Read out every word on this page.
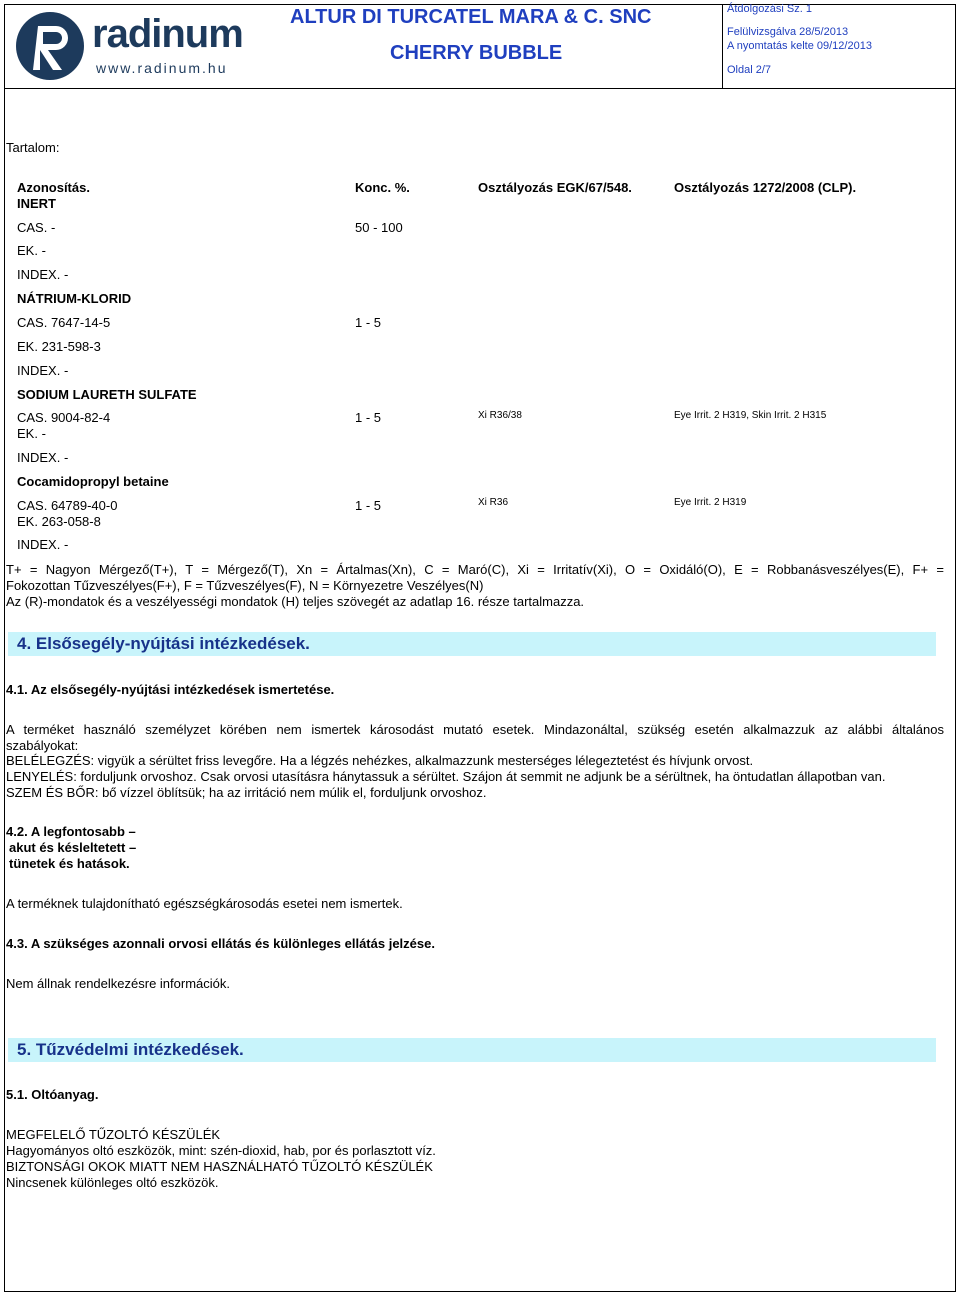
radinum
www.radinum.hu
ALTUR DI TURCATEL MARA & C. SNC
CHERRY BUBBLE
Átdolgozási Sz. 1
Felülvizsgálva 28/5/2013
A nyomtatás kelte 09/12/2013
Oldal 2/7
Tartalom:
Azonosítás.	Konc. %.	Osztályozás EGK/67/548.	Osztályozás 1272/2008 (CLP).
INERT
CAS. -	50 - 100
EK. -
INDEX. -
NÁTRIUM-KLORID
CAS. 7647-14-5	1 - 5
EK. 231-598-3
INDEX. -
SODIUM LAURETH SULFATE
CAS. 9004-82-4	1 - 5	Xi R36/38	Eye Irrit. 2 H319, Skin Irrit. 2 H315
EK. -
INDEX. -
Cocamidopropyl betaine
CAS. 64789-40-0	1 - 5	Xi R36	Eye Irrit. 2 H319
EK. 263-058-8
INDEX. -
T+ = Nagyon Mérgező(T+), T = Mérgező(T), Xn = Ártalmas(Xn), C = Maró(C), Xi = Irritatív(Xi), O = Oxidáló(O), E = Robbanásveszélyes(E), F+ =
Fokozottan Tűzveszélyes(F+), F = Tűzveszélyes(F), N = Környezetre Veszélyes(N)
Az (R)-mondatok és a veszélyességi mondatok (H) teljes szövegét az adatlap 16. része tartalmazza.
4. Elsősegély-nyújtási intézkedések.
4.1. Az elsősegély-nyújtási intézkedések ismertetése.
A terméket használó személyzet körében nem ismertek károsodást mutató esetek. Mindazonáltal, szükség esetén alkalmazzuk az alábbi általános
szabályokat:
BELÉLEGZÉS: vigyük a sérültet friss levegőre. Ha a légzés nehézkes, alkalmazzunk mesterséges lélegeztetést és hívjunk orvost.
LENYELÉS: forduljunk orvoshoz. Csak orvosi utasításra hánytassuk a sérültet. Szájon át semmit ne adjunk be a sérültnek, ha öntudatlan állapotban van.
SZEM ÉS BŐR: bő vízzel öblítsük; ha az irritáció nem múlik el, forduljunk orvoshoz.
4.2. A legfontosabb –
akut és késleltetett –
tünetek és hatások.
A terméknek tulajdonítható egészségkárosodás esetei nem ismertek.
4.3. A szükséges azonnali orvosi ellátás és különleges ellátás jelzése.
Nem állnak rendelkezésre információk.
5. Tűzvédelmi intézkedések.
5.1. Oltóanyag.
MEGFELELŐ TŰZOLTÓ KÉSZÜLÉK
Hagyományos oltó eszközök, mint: szén-dioxid, hab, por és porlasztott víz.
BIZTONSÁGI OKOK MIATT NEM HASZNÁLHATÓ TŰZOLTÓ KÉSZÜLÉK
Nincsenek különleges oltó eszközök.
